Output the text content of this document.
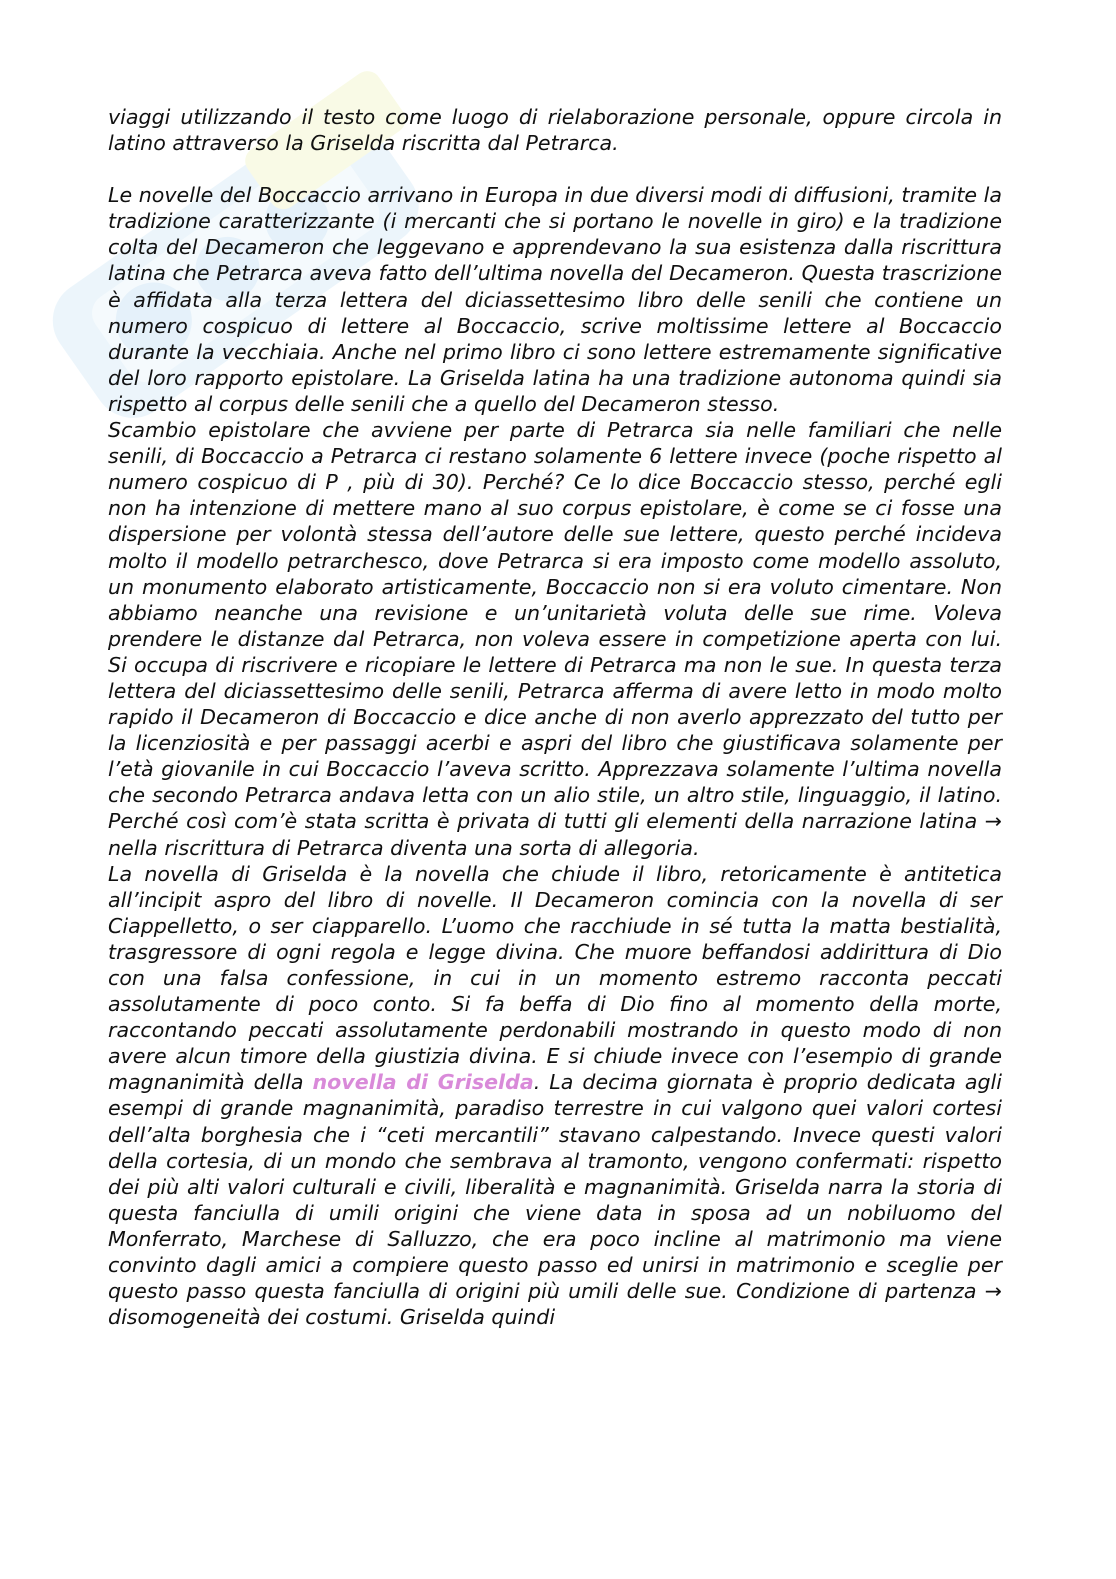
viaggi utilizzando il testo come luogo di rielaborazione personale, oppure circola in latino attraverso la Griselda riscritta dal Petrarca.

Le novelle del Boccaccio arrivano in Europa in due diversi modi di diffusioni, tramite la tradizione caratterizzante (i mercanti che si portano le novelle in giro) e la tradizione colta del Decameron che leggevano e apprendevano la sua esistenza dalla riscrittura latina che Petrarca aveva fatto dell’ultima novella del Decameron. Questa trascrizione è affidata alla terza lettera del diciassettesimo libro delle senili che contiene un numero cospicuo di lettere al Boccaccio, scrive moltissime lettere al Boccaccio durante la vecchiaia. Anche nel primo libro ci sono lettere estremamente significative del loro rapporto epistolare. La Griselda latina ha una tradizione autonoma quindi sia rispetto al corpus delle senili che a quello del Decameron stesso.

Scambio epistolare che avviene per parte di Petrarca sia nelle familiari che nelle senili, di Boccaccio a Petrarca ci restano solamente 6 lettere invece (poche rispetto al numero cospicuo di P , più di 30). Perché? Ce lo dice Boccaccio stesso, perché egli non ha intenzione di mettere mano al suo corpus epistolare, è come se ci fosse una dispersione per volontà stessa dell’autore delle sue lettere, questo perché incideva molto il modello petrarchesco, dove Petrarca si era imposto come modello assoluto, un monumento elaborato artisticamente, Boccaccio non si era voluto cimentare. Non abbiamo neanche una revisione e un’unitarietà voluta delle sue rime. Voleva prendere le distanze dal Petrarca, non voleva essere in competizione aperta con lui. Si occupa di riscrivere e ricopiare le lettere di Petrarca ma non le sue. In questa terza lettera del diciassettesimo delle senili, Petrarca afferma di avere letto in modo molto rapido il Decameron di Boccaccio e dice anche di non averlo apprezzato del tutto per la licenziosità e per passaggi acerbi e aspri del libro che giustificava solamente per l’età giovanile in cui Boccaccio l’aveva scritto. Apprezzava solamente l’ultima novella che secondo Petrarca andava letta con un alio stile, un altro stile, linguaggio, il latino. Perché così com’è stata scritta è privata di tutti gli elementi della narrazione latina → nella riscrittura di Petrarca diventa una sorta di allegoria.

La novella di Griselda è la novella che chiude il libro, retoricamente è antitetica all’incipit aspro del libro di novelle. Il Decameron comincia con la novella di ser Ciappelletto, o ser ciapparello. L’uomo che racchiude in sé tutta la matta bestialità, trasgressore di ogni regola e legge divina. Che muore beffandosi addirittura di Dio con una falsa confessione, in cui in un momento estremo racconta peccati assolutamente di poco conto. Si fa beffa di Dio fino al momento della morte, raccontando peccati assolutamente perdonabili mostrando in questo modo di non avere alcun timore della giustizia divina. E si chiude invece con l’esempio di grande magnanimità della novella di Griselda. La decima giornata è proprio dedicata agli esempi di grande magnanimità, paradiso terrestre in cui valgono quei valori cortesi dell’alta borghesia che i “ceti mercantili” stavano calpestando. Invece questi valori della cortesia, di un mondo che sembrava al tramonto, vengono confermati: rispetto dei più alti valori culturali e civili, liberalità e magnanimità. Griselda narra la storia di questa fanciulla di umili origini che viene data in sposa ad un nobiluomo del Monferrato, Marchese di Salluzzo, che era poco incline al matrimonio ma viene convinto dagli amici a compiere questo passo ed unirsi in matrimonio e sceglie per questo passo questa fanciulla di origini più umili delle sue. Condizione di partenza → disomogeneità dei costumi. Griselda quindi
